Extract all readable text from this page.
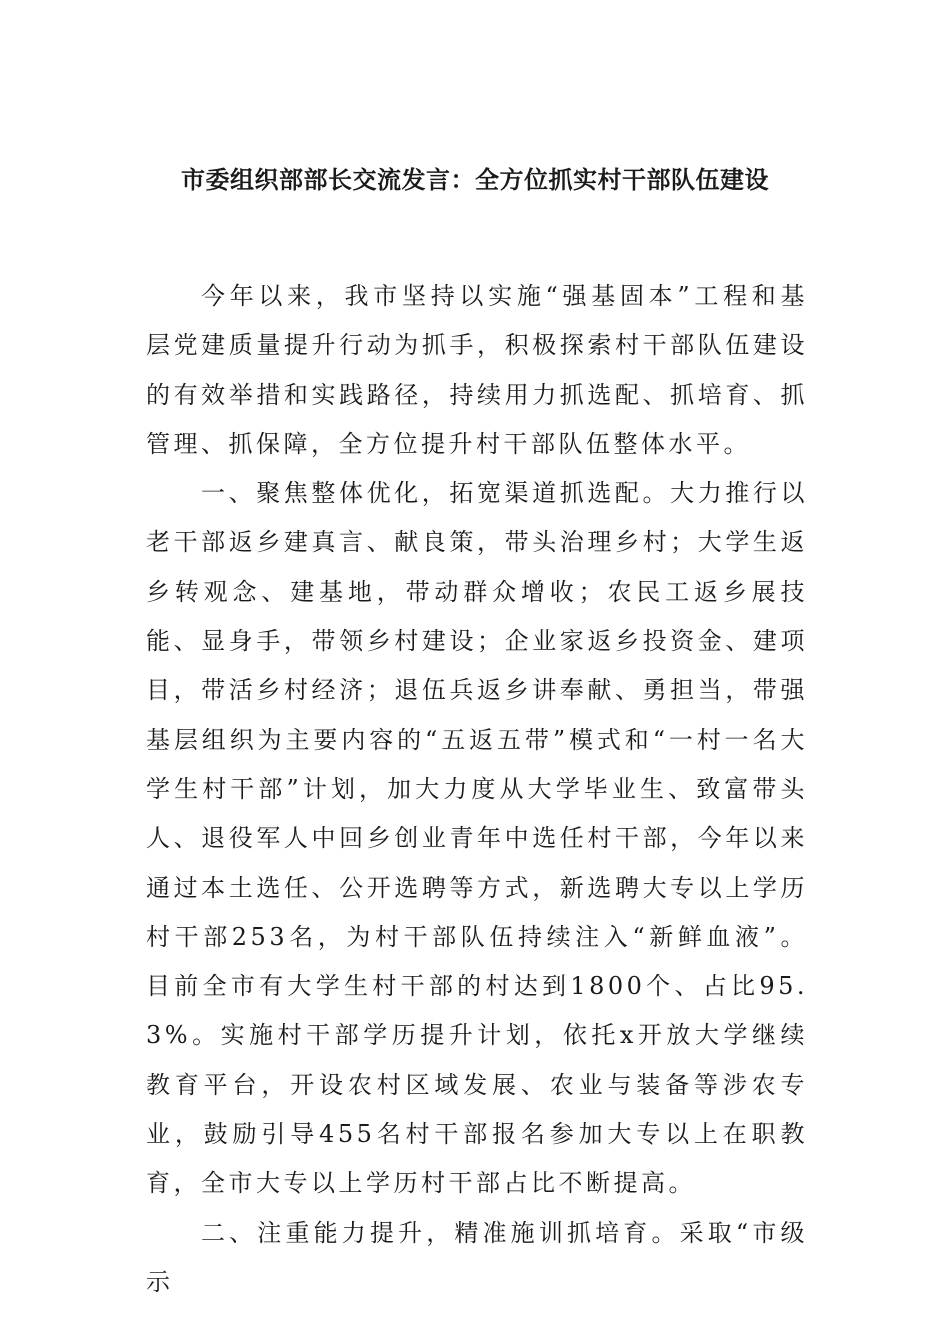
市委组织部部长交流发言：全方位抓实村干部队伍建设

今年以来，我市坚持以实施“强基固本”工程和基层党建质量提升行动为抓手，积极探索村干部队伍建设的有效举措和实践路径，持续用力抓选配、抓培育、抓管理、抓保障，全方位提升村干部队伍整体水平。

一、聚焦整体优化，拓宽渠道抓选配。大力推行以老干部返乡建真言、献良策，带头治理乡村；大学生返乡转观念、建基地，带动群众增收；农民工返乡展技能、显身手，带领乡村建设；企业家返乡投资金、建项目，带活乡村经济；退伍兵返乡讲奉献、勇担当，带强基层组织为主要内容的“五返五带”模式和“一村一名大学生村干部”计划，加大力度从大学毕业生、致富带头人、退役军人中回乡创业青年中选任村干部，今年以来通过本土选任、公开选聘等方式，新选聘大专以上学历村干部253名，为村干部队伍持续注入“新鲜血液”。目前全市有大学生村干部的村达到1800个、占比95.3%。实施村干部学历提升计划，依托x开放大学继续教育平台，开设农村区域发展、农业与装备等涉农专业，鼓励引导455名村干部报名参加大专以上在职教育，全市大专以上学历村干部占比不断提高。

二、注重能力提升，精准施训抓培育。采取“市级示
